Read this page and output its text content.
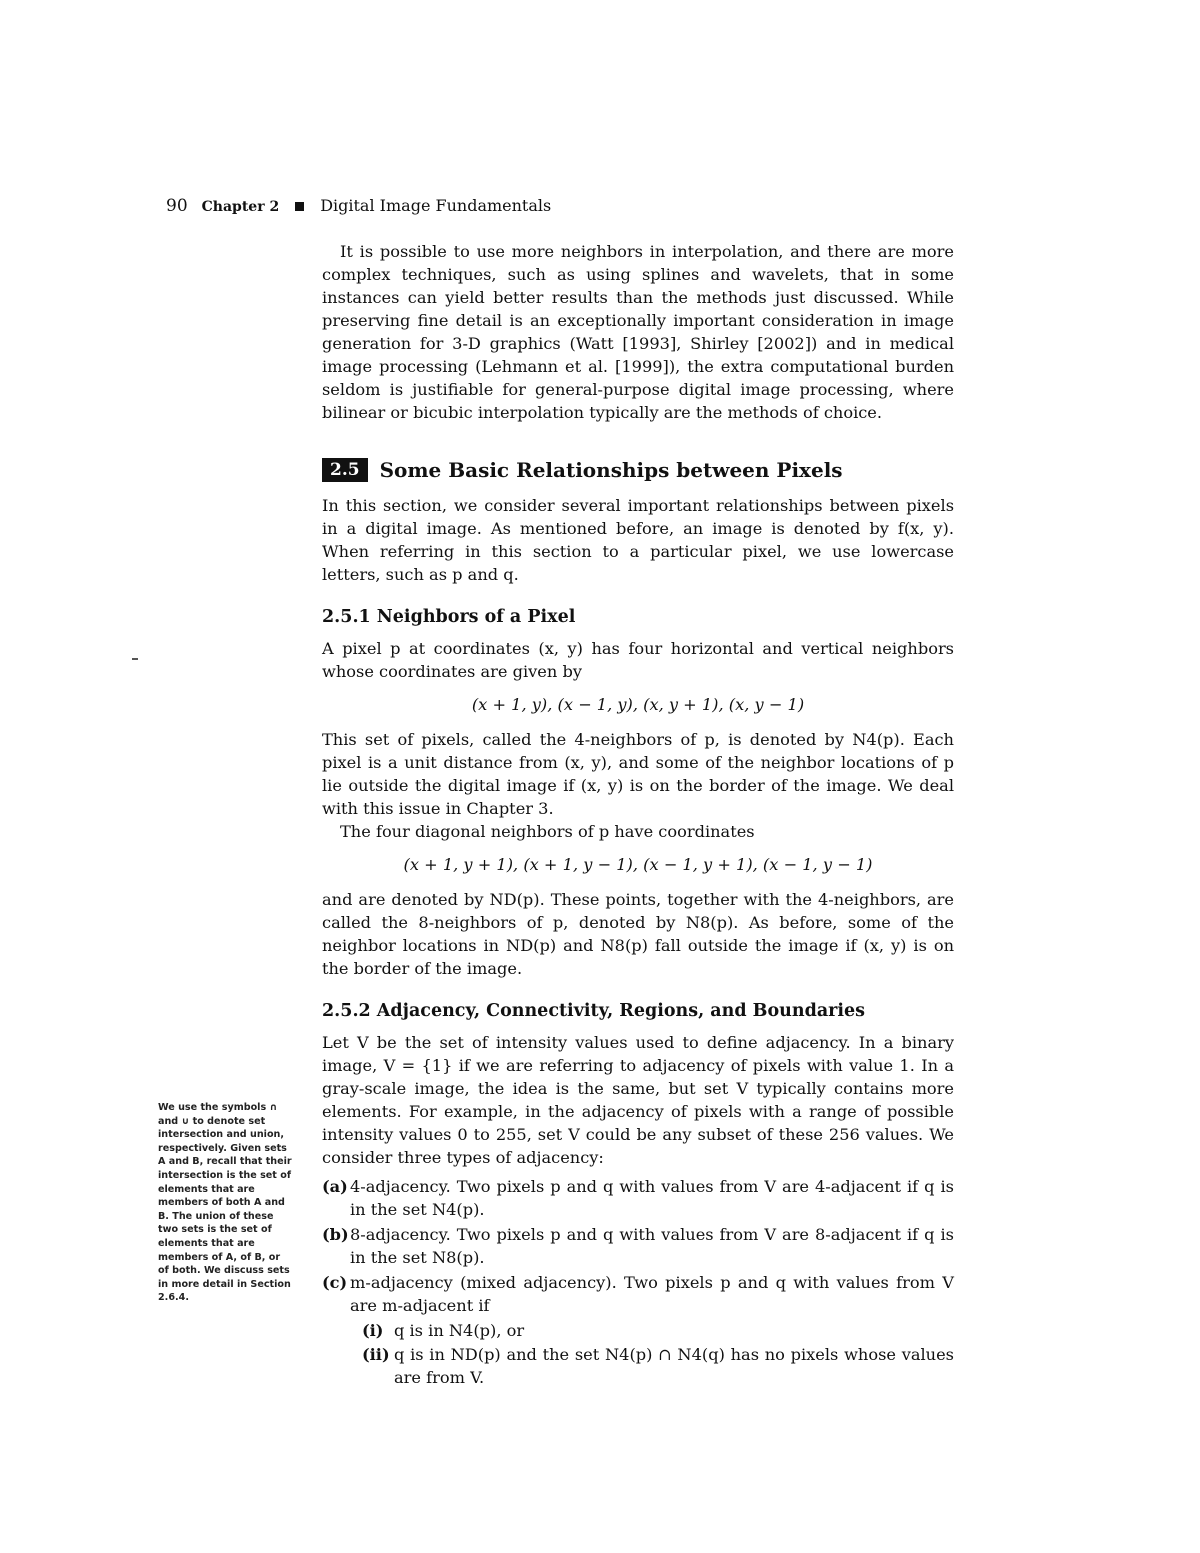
90 Chapter 2	Digital Image Fundamentals

It is possible to use more neighbors in interpolation, and there are more complex techniques, such as using splines and wavelets, that in some instances can yield better results than the methods just discussed. While preserving fine detail is an exceptionally important consideration in image generation for 3-D graphics (Watt [1993], Shirley [2002]) and in medical image processing (Lehmann et al. [1999]), the extra computational burden seldom is justifiable for general-purpose digital image processing, where bilinear or bicubic interpolation typically are the methods of choice.

2.5	Some Basic Relationships between Pixels

In this section, we consider several important relationships between pixels in a digital image. As mentioned before, an image is denoted by f(x, y). When referring in this section to a particular pixel, we use lowercase letters, such as p and q.

2.5.1 Neighbors of a Pixel

A pixel p at coordinates (x, y) has four horizontal and vertical neighbors whose coordinates are given by

(x + 1, y), (x − 1, y), (x, y + 1), (x, y − 1)

This set of pixels, called the 4-neighbors of p, is denoted by N4(p). Each pixel is a unit distance from (x, y), and some of the neighbor locations of p lie outside the digital image if (x, y) is on the border of the image. We deal with this issue in Chapter 3.

The four diagonal neighbors of p have coordinates

(x + 1, y + 1), (x + 1, y − 1), (x − 1, y + 1), (x − 1, y − 1)

and are denoted by ND(p). These points, together with the 4-neighbors, are called the 8-neighbors of p, denoted by N8(p). As before, some of the neighbor locations in ND(p) and N8(p) fall outside the image if (x, y) is on the border of the image.

2.5.2 Adjacency, Connectivity, Regions, and Boundaries

Let V be the set of intensity values used to define adjacency. In a binary image, V = {1} if we are referring to adjacency of pixels with value 1. In a gray-scale image, the idea is the same, but set V typically contains more elements. For example, in the adjacency of pixels with a range of possible intensity values 0 to 255, set V could be any subset of these 256 values. We consider three types of adjacency:

(a) 4-adjacency. Two pixels p and q with values from V are 4-adjacent if q is in the set N4(p).
(b) 8-adjacency. Two pixels p and q with values from V are 8-adjacent if q is in the set N8(p).
(c) m-adjacency (mixed adjacency). Two pixels p and q with values from V are m-adjacent if
(i) q is in N4(p), or
(ii) q is in ND(p) and the set N4(p) ∩ N4(q) has no pixels whose values are from V.
We use the symbols ∩ and ∪ to denote set intersection and union, respectively. Given sets A and B, recall that their intersection is the set of elements that are members of both A and B. The union of these two sets is the set of elements that are members of A, of B, or of both. We discuss sets in more detail in Section 2.6.4.
